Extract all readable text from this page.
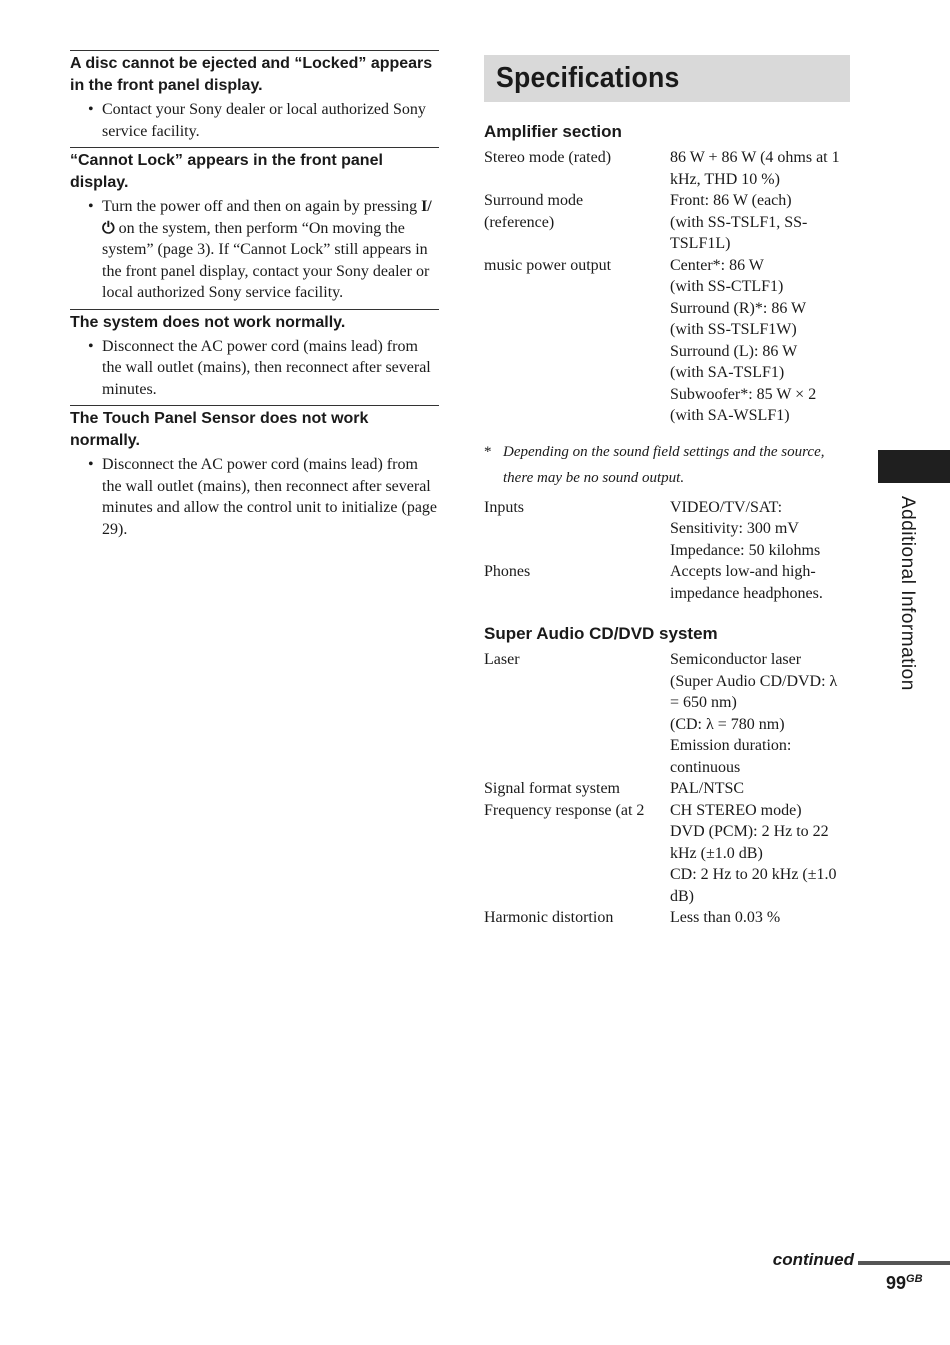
A disc cannot be ejected and “Locked” appears in the front panel display.
• Contact your Sony dealer or local authorized Sony service facility.
“Cannot Lock” appears in the front panel display.
• Turn the power off and then on again by pressing I/⏻ on the system, then perform “On moving the system” (page 3). If “Cannot Lock” still appears in the front panel display, contact your Sony dealer or local authorized Sony service facility.
The system does not work normally.
• Disconnect the AC power cord (mains lead) from the wall outlet (mains), then reconnect after several minutes.
The Touch Panel Sensor does not work normally.
• Disconnect the AC power cord (mains lead) from the wall outlet (mains), then reconnect after several minutes and allow the control unit to initialize (page 29).
Specifications
Amplifier section
Stereo mode (rated)	86 W + 86 W (4 ohms at 1 kHz, THD 10 %)
Surround mode	Front: 86 W (each)
(reference)	(with SS-TSLF1, SS-TSLF1L)
music power output	Center*: 86 W
(with SS-CTLF1)
Surround (R)*: 86 W
(with SS-TSLF1W)
Surround (L): 86 W
(with SA-TSLF1)
Subwoofer*: 85 W × 2
(with SA-WSLF1)
* Depending on the sound field settings and the source, there may be no sound output.
Inputs	VIDEO/TV/SAT:
Sensitivity: 300 mV
Impedance: 50 kilohms
Phones	Accepts low-and high-impedance headphones.
Super Audio CD/DVD system
Laser	Semiconductor laser
(Super Audio CD/DVD: λ = 650 nm)
(CD: λ = 780 nm)
Emission duration: continuous
Signal format system	PAL/NTSC
Frequency response (at 2	CH STEREO mode)
DVD (PCM): 2 Hz to 22 kHz (±1.0 dB)
CD: 2 Hz to 20 kHz (±1.0 dB)
Harmonic distortion	Less than 0.03 %
Additional Information
continued
$99^{GB}$
